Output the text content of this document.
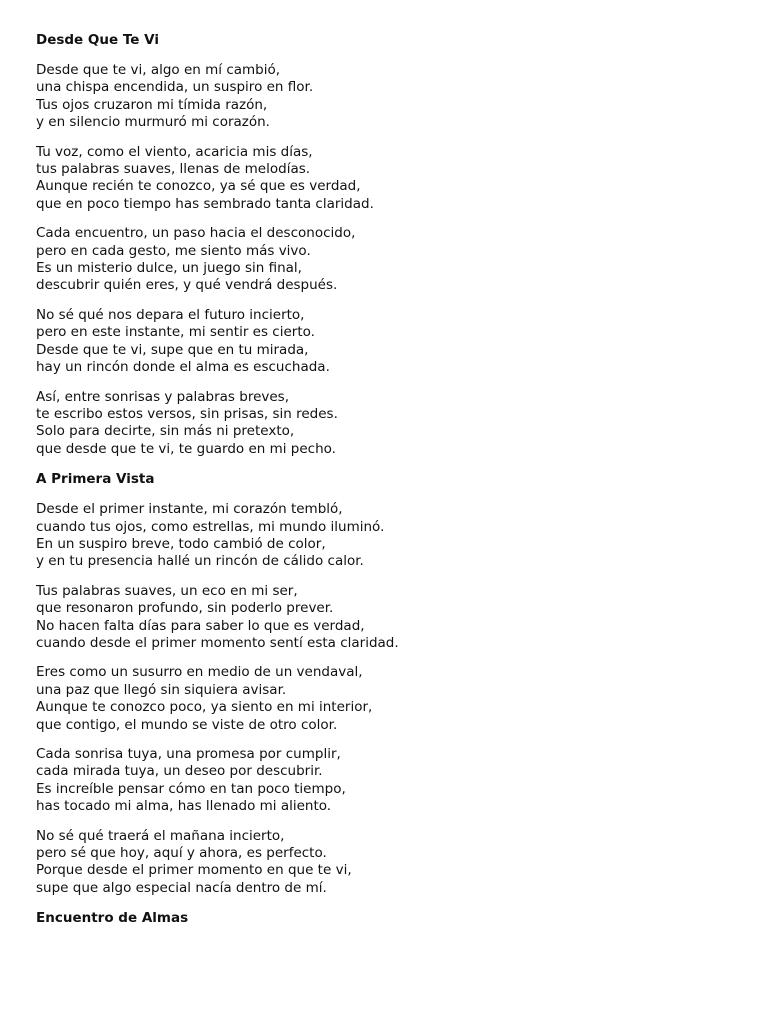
Desde Que Te Vi
Desde que te vi, algo en mí cambió,
una chispa encendida, un suspiro en flor.
Tus ojos cruzaron mi tímida razón,
y en silencio murmuró mi corazón.
Tu voz, como el viento, acaricia mis días,
tus palabras suaves, llenas de melodías.
Aunque recién te conozco, ya sé que es verdad,
que en poco tiempo has sembrado tanta claridad.
Cada encuentro, un paso hacia el desconocido,
pero en cada gesto, me siento más vivo.
Es un misterio dulce, un juego sin final,
descubrir quién eres, y qué vendrá después.
No sé qué nos depara el futuro incierto,
pero en este instante, mi sentir es cierto.
Desde que te vi, supe que en tu mirada,
hay un rincón donde el alma es escuchada.
Así, entre sonrisas y palabras breves,
te escribo estos versos, sin prisas, sin redes.
Solo para decirte, sin más ni pretexto,
que desde que te vi, te guardo en mi pecho.
A Primera Vista
Desde el primer instante, mi corazón tembló,
cuando tus ojos, como estrellas, mi mundo iluminó.
En un suspiro breve, todo cambió de color,
y en tu presencia hallé un rincón de cálido calor.
Tus palabras suaves, un eco en mi ser,
que resonaron profundo, sin poderlo prever.
No hacen falta días para saber lo que es verdad,
cuando desde el primer momento sentí esta claridad.
Eres como un susurro en medio de un vendaval,
una paz que llegó sin siquiera avisar.
Aunque te conozco poco, ya siento en mi interior,
que contigo, el mundo se viste de otro color.
Cada sonrisa tuya, una promesa por cumplir,
cada mirada tuya, un deseo por descubrir.
Es increíble pensar cómo en tan poco tiempo,
has tocado mi alma, has llenado mi aliento.
No sé qué traerá el mañana incierto,
pero sé que hoy, aquí y ahora, es perfecto.
Porque desde el primer momento en que te vi,
supe que algo especial nacía dentro de mí.
Encuentro de Almas
